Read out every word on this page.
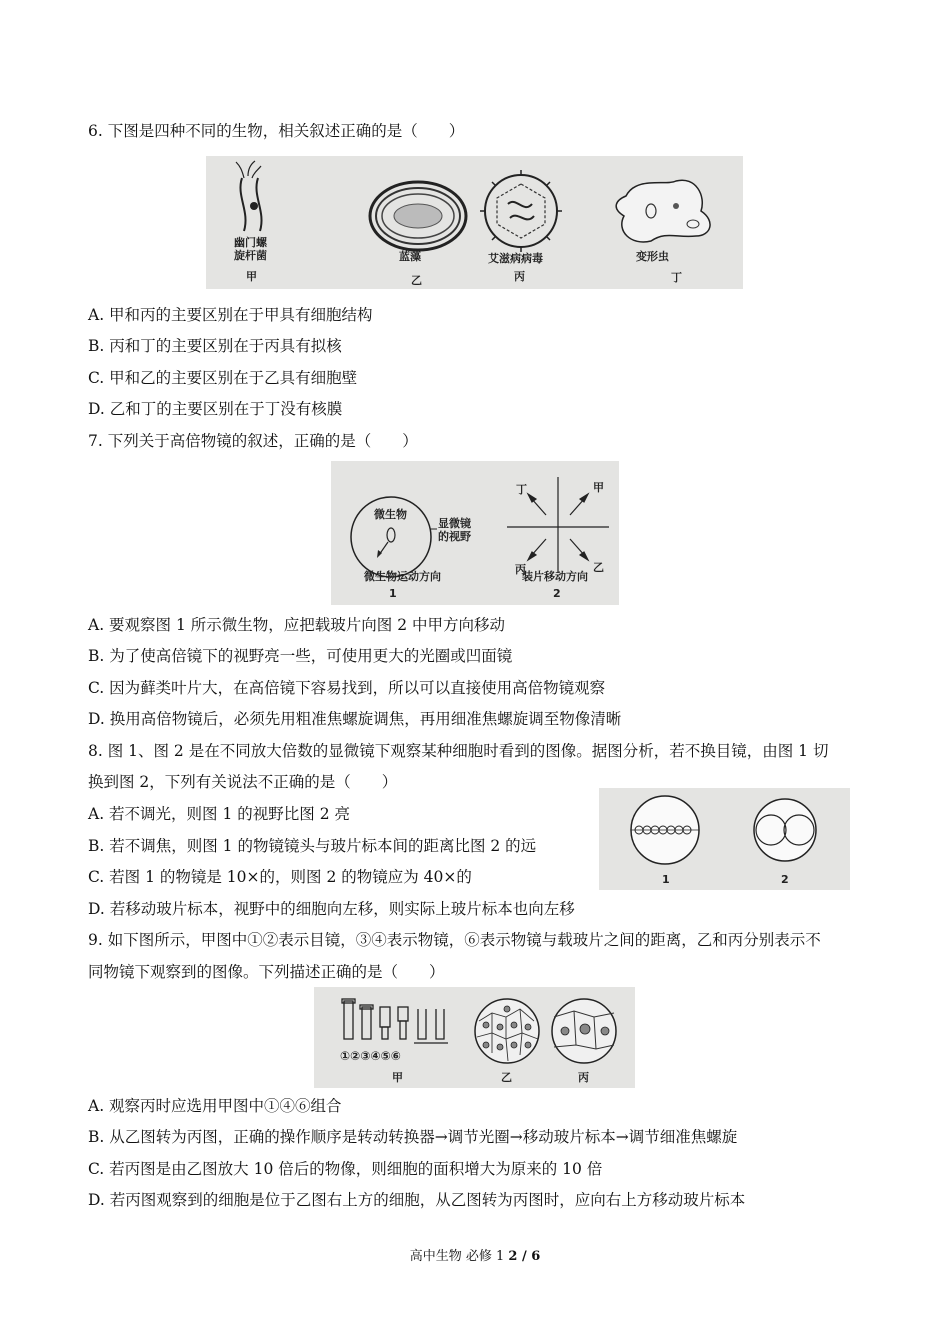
6. 下图是四种不同的生物，相关叙述正确的是（　　）
幽门螺
旋杆菌
甲
蓝藻
乙
艾滋病病毒
丙
变形虫
丁
A. 甲和丙的主要区别在于甲具有细胞结构
B. 丙和丁的主要区别在于丙具有拟核
C. 甲和乙的主要区别在于乙具有细胞壁
D. 乙和丁的主要区别在于丁没有核膜
7. 下列关于高倍物镜的叙述，正确的是（　　）
微生物
显微镜
的视野
微生物运动方向
1
丁	甲
丙	乙
装片移动方向
2
A. 要观察图 1 所示微生物，应把载玻片向图 2 中甲方向移动
B. 为了使高倍镜下的视野亮一些，可使用更大的光圈或凹面镜
C. 因为藓类叶片大，在高倍镜下容易找到，所以可以直接使用高倍物镜观察
D. 换用高倍物镜后，必须先用粗准焦螺旋调焦，再用细准焦螺旋调至物像清晰
8. 图 1、图 2 是在不同放大倍数的显微镜下观察某种细胞时看到的图像。据图分析，若不换目镜，由图 1 切
换到图 2，下列有关说法不正确的是（　　）
1	2
A. 若不调光，则图 1 的视野比图 2 亮
B. 若不调焦，则图 1 的物镜镜头与玻片标本间的距离比图 2 的远
C. 若图 1 的物镜是 10×的，则图 2 的物镜应为 40×的
D. 若移动玻片标本，视野中的细胞向左移，则实际上玻片标本也向左移
9. 如下图所示，甲图中①②表示目镜，③④表示物镜，⑥表示物镜与载玻片之间的距离，乙和丙分别表示不
同物镜下观察到的图像。下列描述正确的是（　　）
①②③④⑤⑥
甲	乙	丙
A. 观察丙时应选用甲图中①④⑥组合
B. 从乙图转为丙图，正确的操作顺序是转动转换器→调节光圈→移动玻片标本→调节细准焦螺旋
C. 若丙图是由乙图放大 10 倍后的物像，则细胞的面积增大为原来的 10 倍
D. 若丙图观察到的细胞是位于乙图右上方的细胞，从乙图转为丙图时，应向右上方移动玻片标本
高中生物 必修 1 2 / 6
